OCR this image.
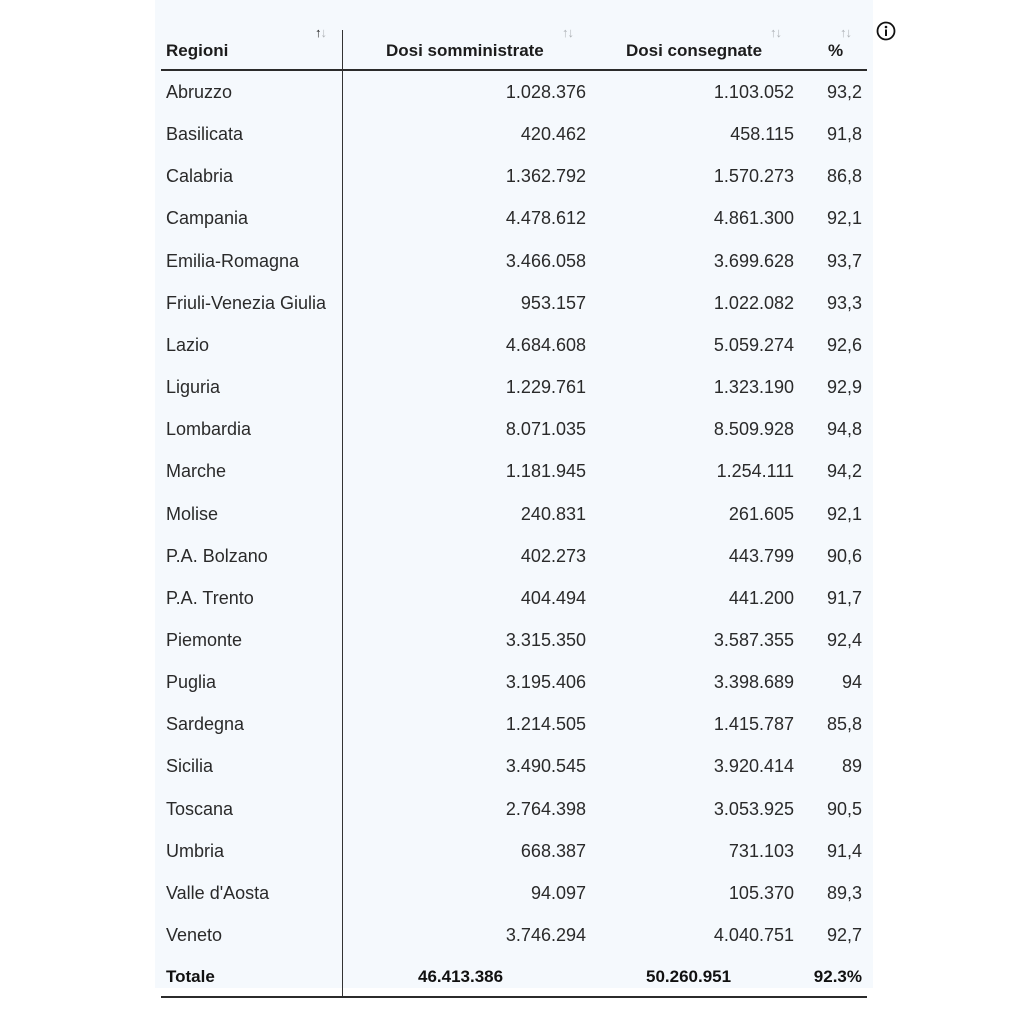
↑↓	↑↓	↑↓	↑↓
Regioni	Dosi somministrate	Dosi consegnate	%
Abruzzo	1.028.376	1.103.052 93,2
Basilicata	420.462	458.115 91,8
Calabria	1.362.792	1.570.273 86,8
Campania	4.478.612	4.861.300 92,1
Emilia-Romagna	3.466.058	3.699.628 93,7
Friuli-Venezia Giulia	953.157	1.022.082 93,3
Lazio	4.684.608	5.059.274 92,6
Liguria	1.229.761	1.323.190 92,9
Lombardia	8.071.035	8.509.928 94,8
Marche	1.181.945	1.254.111 94,2
Molise	240.831	261.605 92,1
P.A. Bolzano	402.273	443.799 90,6
P.A. Trento	404.494	441.200 91,7
Piemonte	3.315.350	3.587.355 92,4
Puglia	3.195.406	3.398.689	94
Sardegna	1.214.505	1.415.787 85,8
Sicilia	3.490.545	3.920.414	89
Toscana	2.764.398	3.053.925 90,5
Umbria	668.387	731.103 91,4
Valle d'Aosta	94.097	105.370 89,3
Veneto	3.746.294	4.040.751 92,7
Totale	46.413.386	50.260.951	92.3%
